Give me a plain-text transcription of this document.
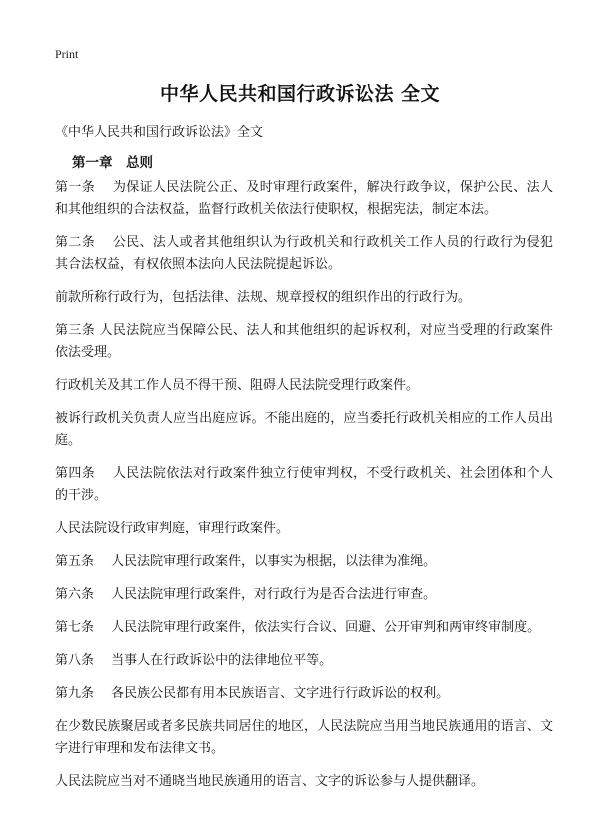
Print
中华人民共和国行政诉讼法 全文
《中华人民共和国行政诉讼法》全文
第一章　总则

第一条　 为保证人民法院公正、及时审理行政案件，解决行政争议，保护公民、法人和其他组织的合法权益，监督行政机关依法行使职权，根据宪法，制定本法。

第二条　 公民、法人或者其他组织认为行政机关和行政机关工作人员的行政行为侵犯其合法权益，有权依照本法向人民法院提起诉讼。

前款所称行政行为，包括法律、法规、规章授权的组织作出的行政行为。

第三条 人民法院应当保障公民、法人和其他组织的起诉权利，对应当受理的行政案件依法受理。

行政机关及其工作人员不得干预、阻碍人民法院受理行政案件。

被诉行政机关负责人应当出庭应诉。不能出庭的，应当委托行政机关相应的工作人员出庭。

第四条　 人民法院依法对行政案件独立行使审判权，不受行政机关、社会团体和个人的干涉。

人民法院设行政审判庭，审理行政案件。

第五条　 人民法院审理行政案件，以事实为根据，以法律为准绳。

第六条　 人民法院审理行政案件，对行政行为是否合法进行审查。

第七条　 人民法院审理行政案件，依法实行合议、回避、公开审判和两审终审制度。

第八条　 当事人在行政诉讼中的法律地位平等。

第九条　 各民族公民都有用本民族语言、文字进行行政诉讼的权利。

在少数民族聚居或者多民族共同居住的地区，人民法院应当用当地民族通用的语言、文字进行审理和发布法律文书。

人民法院应当对不通晓当地民族通用的语言、文字的诉讼参与人提供翻译。
